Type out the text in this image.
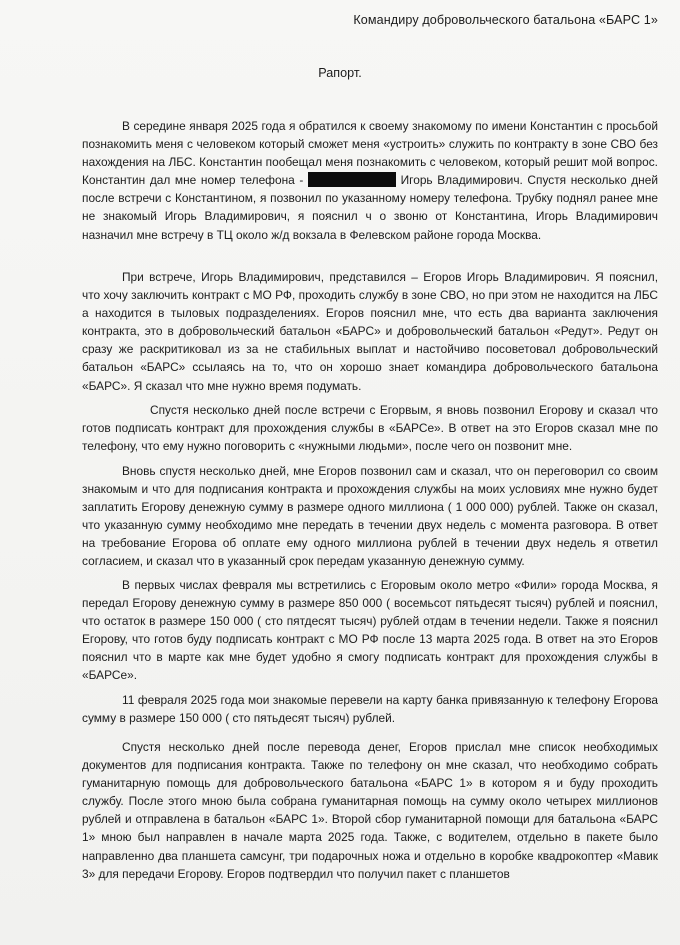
Командиру добровольческого батальона «БАРС 1»
Рапорт.

В середине января 2025 года я обратился к своему знакомому по имени Константин с просьбой познакомить меня с человеком который сможет меня «устроить» служить по контракту в зоне СВО без нахождения на ЛБС. Константин пообещал меня познакомить с человеком, который решит мой вопрос. Константин дал мне номер телефона -	Игорь Владимирович. Спустя несколько дней после встречи с Константином, я позвонил по указанному номеру телефона. Трубку поднял ранее мне не знакомый Игорь Владимирович, я пояснил ч о звоню от Константина, Игорь Владимирович назначил мне встречу в ТЦ около ж/д вокзала в Фелевском районе города Москва.

При встрече, Игорь Владимирович, представился – Егоров Игорь Владимирович. Я пояснил, что хочу заключить контракт с МО РФ, проходить службу в зоне СВО, но при этом не находится на ЛБС а находится в тыловых подразделениях. Егоров пояснил мне, что есть два варианта заключения контракта, это в добровольческий батальон «БАРС» и добровольческий батальон «Редут». Редут он сразу же раскритиковал из за не стабильных выплат и настойчиво посоветовал добровольческий батальон «БАРС» ссылаясь на то, что он хорошо знает командира добровольческого батальона «БАРС». Я сказал что мне нужно время подумать.

Спустя несколько дней после встречи с Егорвым, я вновь позвонил Егорову и сказал что готов подписать контракт для прохождения службы в «БАРСе». В ответ на это Егоров сказал мне по телефону, что ему нужно поговорить с «нужными людьми», после чего он позвонит мне.

Вновь спустя несколько дней, мне Егоров позвонил сам и сказал, что он переговорил со своим знакомым и что для подписания контракта и прохождения службы на моих условиях мне нужно будет заплатить Егорову денежную сумму в размере одного миллиона ( 1 000 000) рублей. Также он сказал, что указанную сумму необходимо мне передать в течении двух недель с момента разговора. В ответ на требование Егорова об оплате ему одного миллиона рублей в течении двух недель я ответил согласием, и сказал что в указанный срок передам указанную денежную сумму.

В первых числах февраля мы встретились с Егоровым около метро «Фили» города Москва, я передал Егорову денежную сумму в размере 850 000 ( восемьсот пятьдесят тысяч) рублей и пояснил, что остаток в размере 150 000 ( сто пятдесят тысяч) рублей отдам в течении недели. Также я пояснил Егорову, что готов буду подписать контракт с МО РФ после 13 марта 2025 года. В ответ на это Егоров пояснил что в марте как мне будет удобно я смогу подписать контракт для прохождения службы в «БАРСе».

11 февраля 2025 года мои знакомые перевели на карту банка привязанную к телефону Егорова сумму в размере 150 000 ( сто пятьдесят тысяч) рублей.

Спустя несколько дней после перевода денег, Егоров прислал мне список необходимых документов для подписания контракта. Также по телефону он мне сказал, что необходимо собрать гуманитарную помощь для добровольческого батальона «БАРС 1» в котором я и буду проходить службу. После этого мною была собрана гуманитарная помощь на сумму около четырех миллионов рублей и отправлена в батальон «БАРС 1». Второй сбор гуманитарной помощи для батальона «БАРС 1» мною был направлен в начале марта 2025 года. Также, с водителем, отдельно в пакете было направленно два планшета самсунг, три подарочных ножа и отдельно в коробке квадрокоптер «Мавик 3» для передачи Егорову. Егоров подтвердил что получил пакет с планшетов
